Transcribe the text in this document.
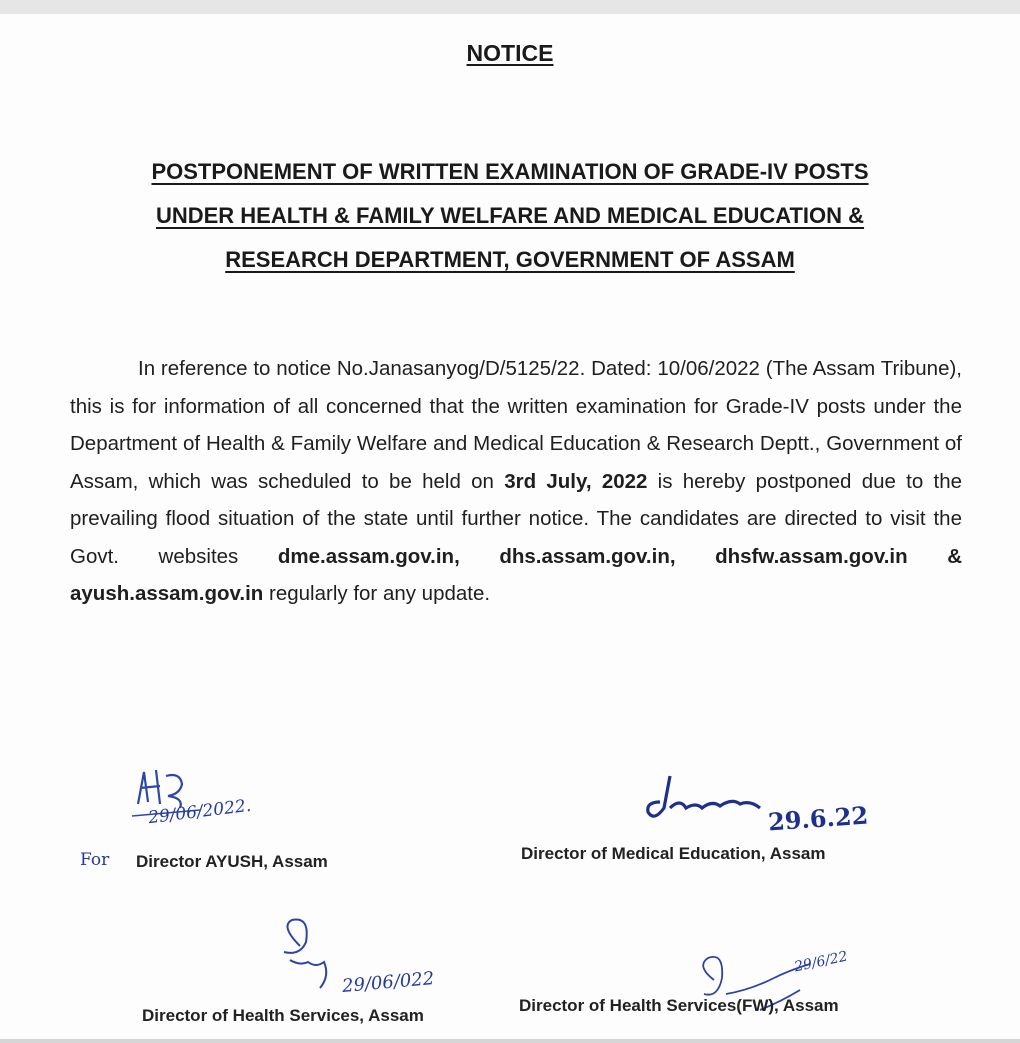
NOTICE
POSTPONEMENT OF WRITTEN EXAMINATION OF GRADE-IV POSTS
UNDER HEALTH & FAMILY WELFARE AND MEDICAL EDUCATION &
RESEARCH DEPARTMENT, GOVERNMENT OF ASSAM

In reference to notice No.Janasanyog/D/5125/22. Dated: 10/06/2022 (The Assam Tribune), this is for information of all concerned that the written examination for Grade-IV posts under the Department of Health & Family Welfare and Medical Education & Research Deptt., Government of Assam, which was scheduled to be held on 3rd July, 2022 is hereby postponed due to the prevailing flood situation of the state until further notice. The candidates are directed to visit the Govt. websites dme.assam.gov.in, dhs.assam.gov.in, dhsfw.assam.gov.in & ayush.assam.gov.in regularly for any update.

29/06/2022.
For Director AYUSH, Assam
29.6.22
Director of Medical Education, Assam
29/06/022
Director of Health Services, Assam
29/6/22
Director of Health Services(FW), Assam
